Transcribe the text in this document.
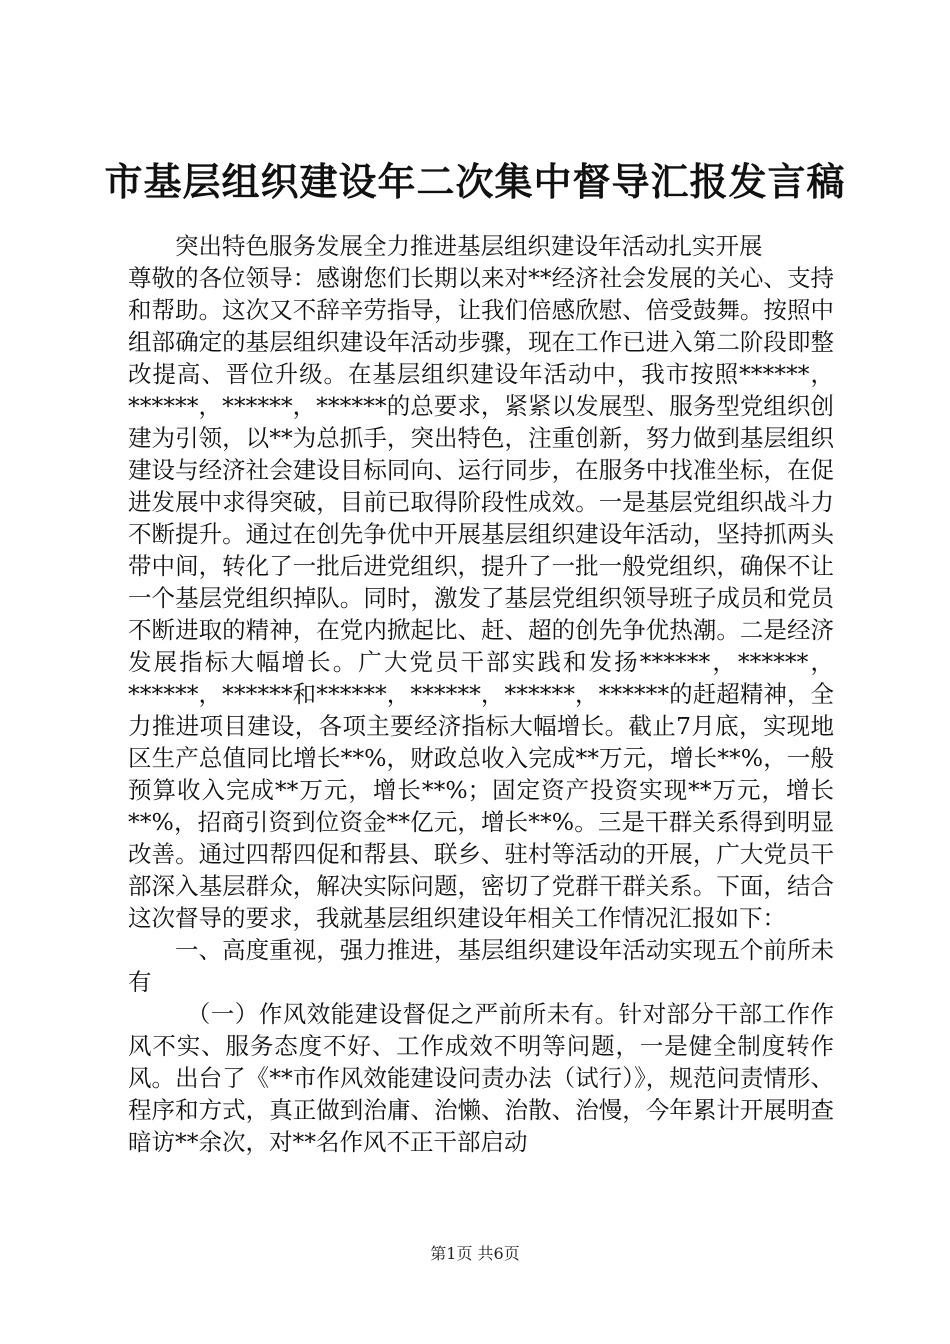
市基层组织建设年二次集中督导汇报发言稿

突出特色服务发展全力推进基层组织建设年活动扎实开展

尊敬的各位领导：感谢您们长期以来对**经济社会发展的关心、支持和帮助。这次又不辞辛劳指导，让我们倍感欣慰、倍受鼓舞。按照中组部确定的基层组织建设年活动步骤，现在工作已进入第二阶段即整改提高、晋位升级。在基层组织建设年活动中，我市按照******，******，******，******的总要求，紧紧以发展型、服务型党组织创建为引领，以**为总抓手，突出特色，注重创新，努力做到基层组织建设与经济社会建设目标同向、运行同步，在服务中找准坐标，在促进发展中求得突破，目前已取得阶段性成效。一是基层党组织战斗力不断提升。通过在创先争优中开展基层组织建设年活动，坚持抓两头带中间，转化了一批后进党组织，提升了一批一般党组织，确保不让一个基层党组织掉队。同时，激发了基层党组织领导班子成员和党员不断进取的精神，在党内掀起比、赶、超的创先争优热潮。二是经济发展指标大幅增长。广大党员干部实践和发扬******，******，******，******和******，******，******，******的赶超精神，全力推进项目建设，各项主要经济指标大幅增长。截止7月底，实现地区生产总值同比增长**%，财政总收入完成**万元，增长**%，一般预算收入完成**万元，增长**%；固定资产投资实现**万元，增长**%，招商引资到位资金**亿元，增长**%。三是干群关系得到明显改善。通过四帮四促和帮县、联乡、驻村等活动的开展，广大党员干部深入基层群众，解决实际问题，密切了党群干群关系。下面，结合这次督导的要求，我就基层组织建设年相关工作情况汇报如下：

一、高度重视，强力推进，基层组织建设年活动实现五个前所未有

（一）作风效能建设督促之严前所未有。针对部分干部工作作风不实、服务态度不好、工作成效不明等问题，一是健全制度转作风。出台了《**市作风效能建设问责办法（试行）》，规范问责情形、程序和方式，真正做到治庸、治懒、治散、治慢，今年累计开展明查暗访**余次，对**名作风不正干部启动

第1页 共6页
